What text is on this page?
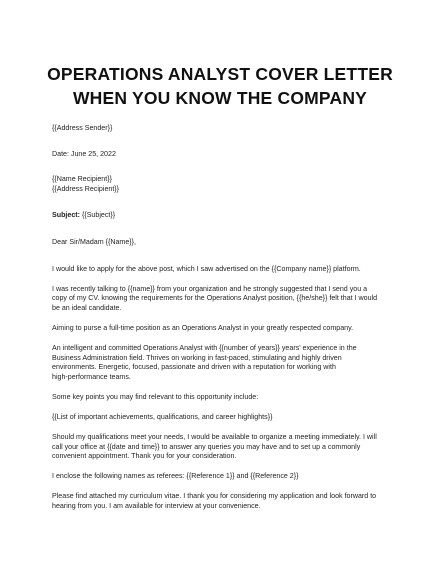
OPERATIONS ANALYST COVER LETTER
WHEN YOU KNOW THE COMPANY

{{Address Sender}}

Date: June 25, 2022

{{Name Recipient}}

{{Address Recipient}}

Subject: {{Subject}}

Dear Sir/Madam {{Name}},

I would like to apply for the above post, which I saw advertised on the {{Company name}} platform.

I was recently talking to {{name}} from your organization and he strongly suggested that I send you a

copy of my CV. knowing the requirements for the Operations Analyst position, {{he/she}} felt that I would

be an ideal candidate.

Aiming to purse a full-time position as an Operations Analyst in your greatly respected company.

An intelligent and committed Operations Analyst with {{number of years}} years' experience in the

Business Administration field. Thrives on working in fast-paced, stimulating and highly driven

environments. Energetic, focused, passionate and driven with a reputation for working with

high-performance teams.

Some key points you may find relevant to this opportunity include:

{{List of important achievements, qualifications, and career highlights}}

Should my qualifications meet your needs, I would be available to organize a meeting immediately. I will

call your office at {{date and time}} to answer any queries you may have and to set up a commonly

convenient appointment. Thank you for your consideration.

I enclose the following names as referees: {{Reference 1}} and {{Reference 2}}

Please find attached my curriculum vitae. I thank you for considering my application and look forward to

hearing from you. I am available for interview at your convenience.
